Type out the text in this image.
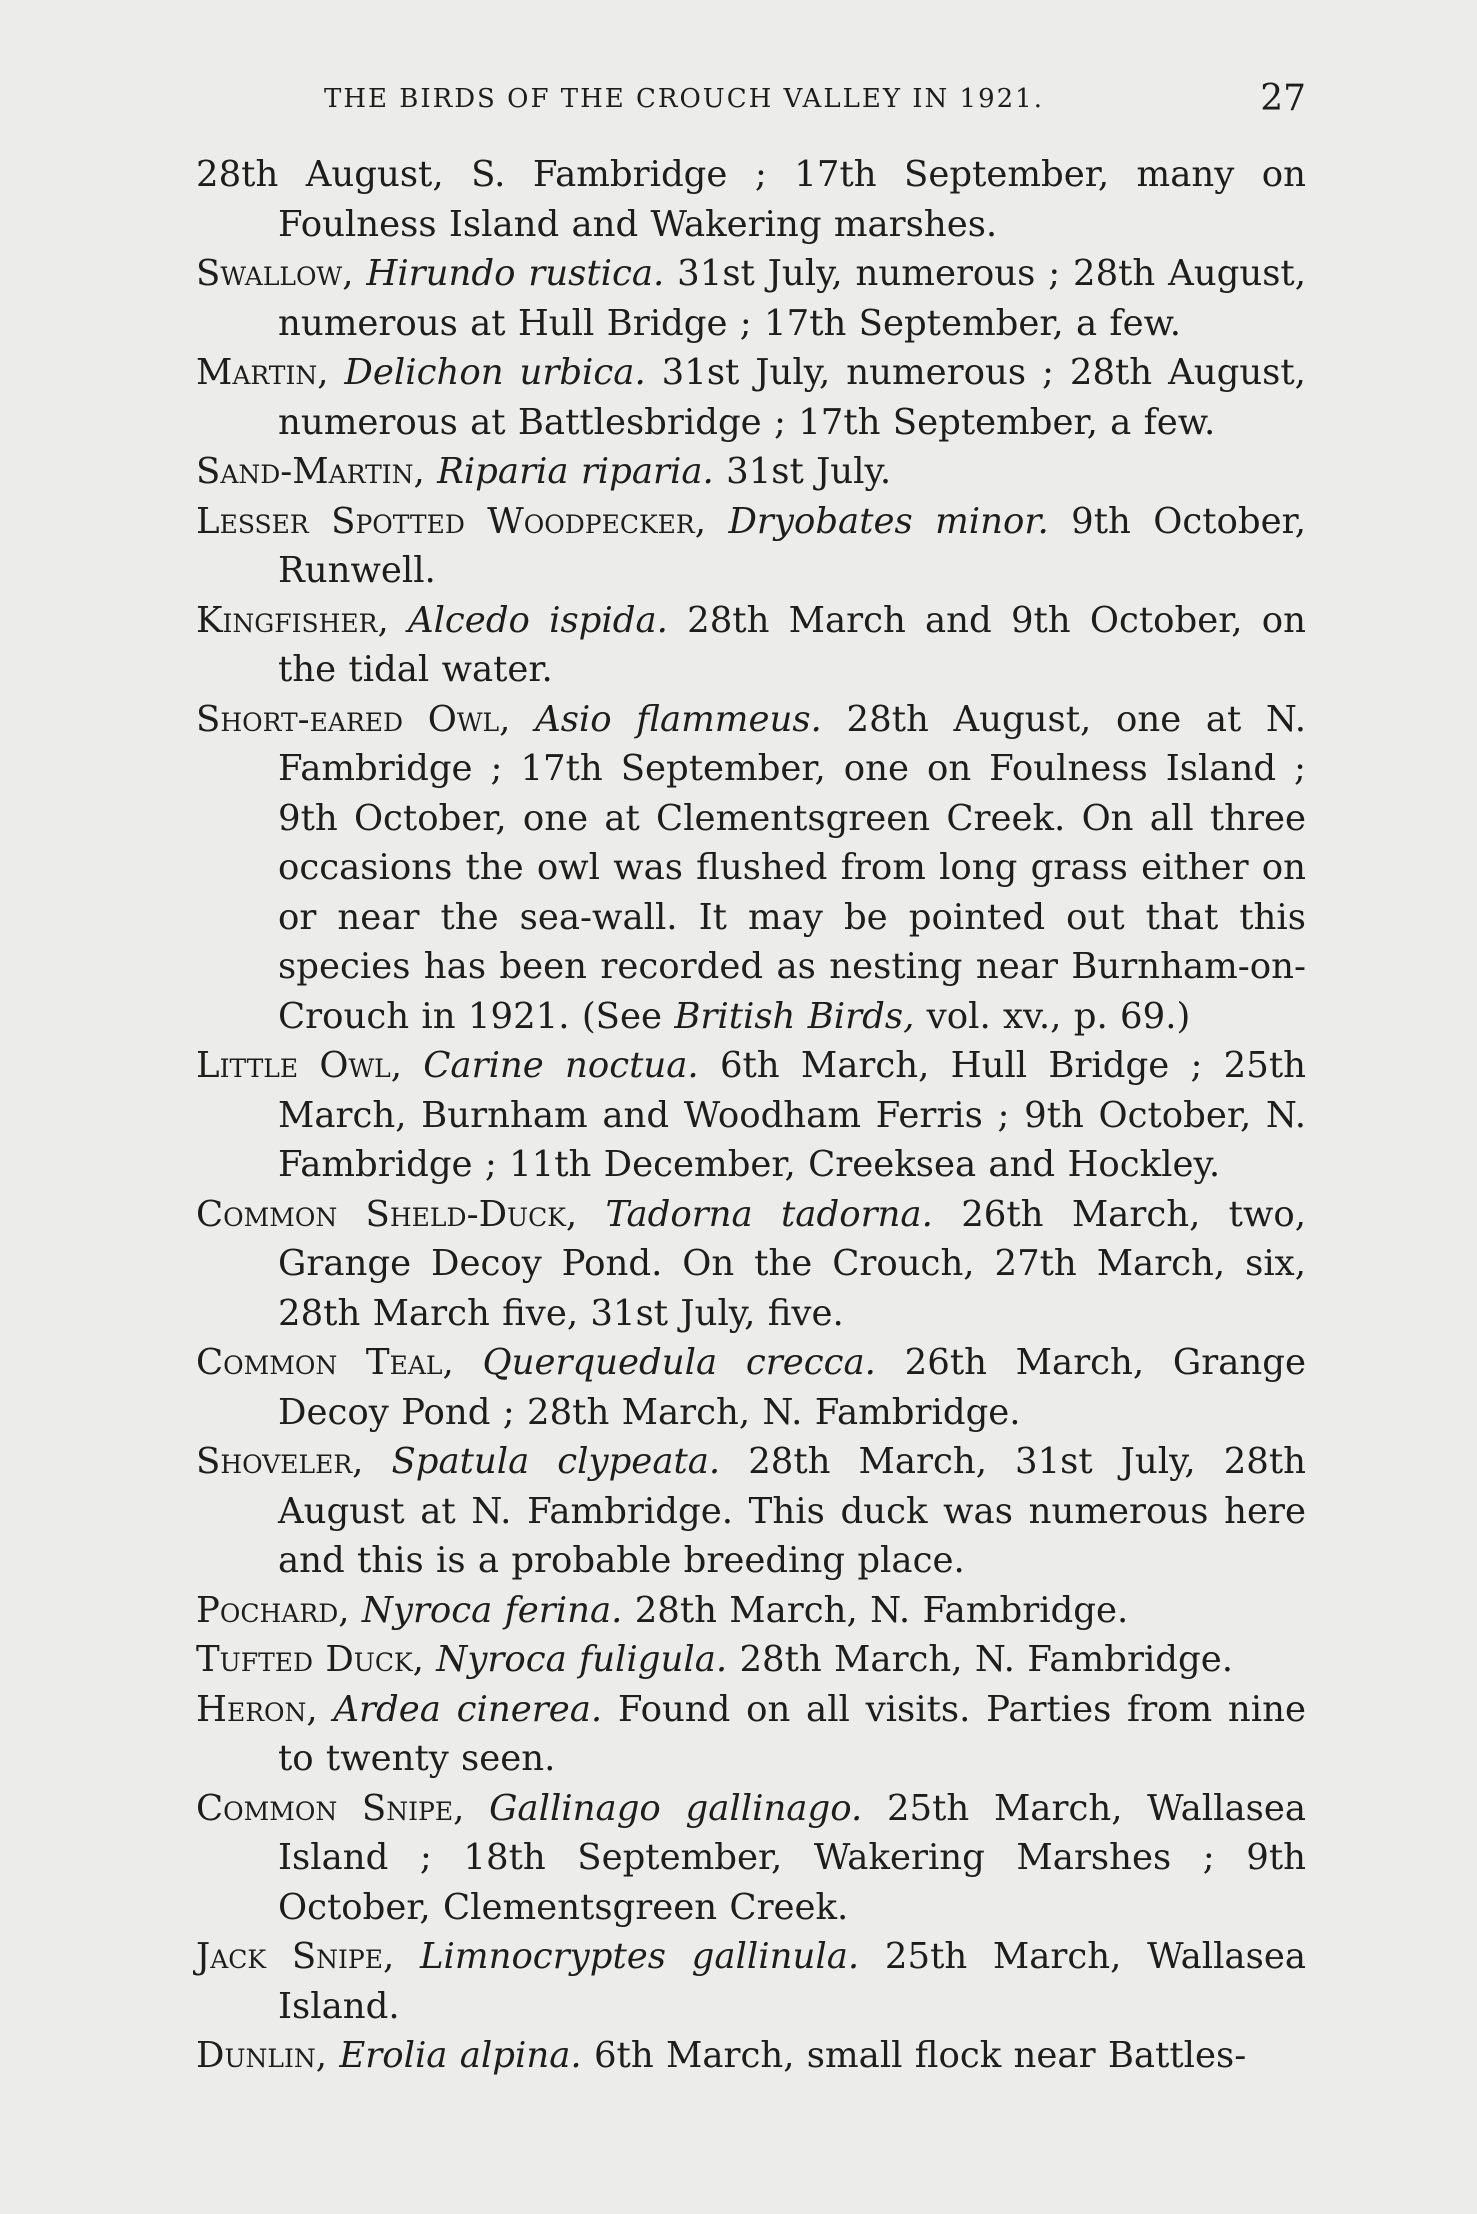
THE BIRDS OF THE CROUCH VALLEY IN 1921.	27

28th August, S. Fambridge ; 17th September, many on Foulness Island and Wakering marshes.

Swallow, Hirundo rustica. 31st July, numerous ; 28th August, numerous at Hull Bridge ; 17th September, a few.

Martin, Delichon urbica. 31st July, numerous ; 28th August, numerous at Battlesbridge ; 17th September, a few.

Sand-Martin, Riparia riparia. 31st July.

Lesser Spotted Woodpecker, Dryobates minor. 9th October, Runwell.

Kingfisher, Alcedo ispida. 28th March and 9th October, on the tidal water.

Short-eared Owl, Asio flammeus. 28th August, one at N. Fambridge ; 17th September, one on Foulness Island ; 9th October, one at Clementsgreen Creek. On all three occasions the owl was flushed from long grass either on or near the sea-wall. It may be pointed out that this species has been recorded as nesting near Burnham-on-Crouch in 1921. (See British Birds, vol. xv., p. 69.)

Little Owl, Carine noctua. 6th March, Hull Bridge ; 25th March, Burnham and Woodham Ferris ; 9th October, N. Fambridge ; 11th December, Creeksea and Hockley.

Common Sheld-Duck, Tadorna tadorna. 26th March, two, Grange Decoy Pond. On the Crouch, 27th March, six, 28th March five, 31st July, five.

Common Teal, Querquedula crecca. 26th March, Grange Decoy Pond ; 28th March, N. Fambridge.

Shoveler, Spatula clypeata. 28th March, 31st July, 28th August at N. Fambridge. This duck was numerous here and this is a probable breeding place.

Pochard, Nyroca ferina. 28th March, N. Fambridge.

Tufted Duck, Nyroca fuligula. 28th March, N. Fambridge.

Heron, Ardea cinerea. Found on all visits. Parties from nine to twenty seen.

Common Snipe, Gallinago gallinago. 25th March, Wallasea Island ; 18th September, Wakering Marshes ; 9th October, Clementsgreen Creek.

Jack Snipe, Limnocryptes gallinula. 25th March, Wallasea Island.

Dunlin, Erolia alpina. 6th March, small flock near Battles-
